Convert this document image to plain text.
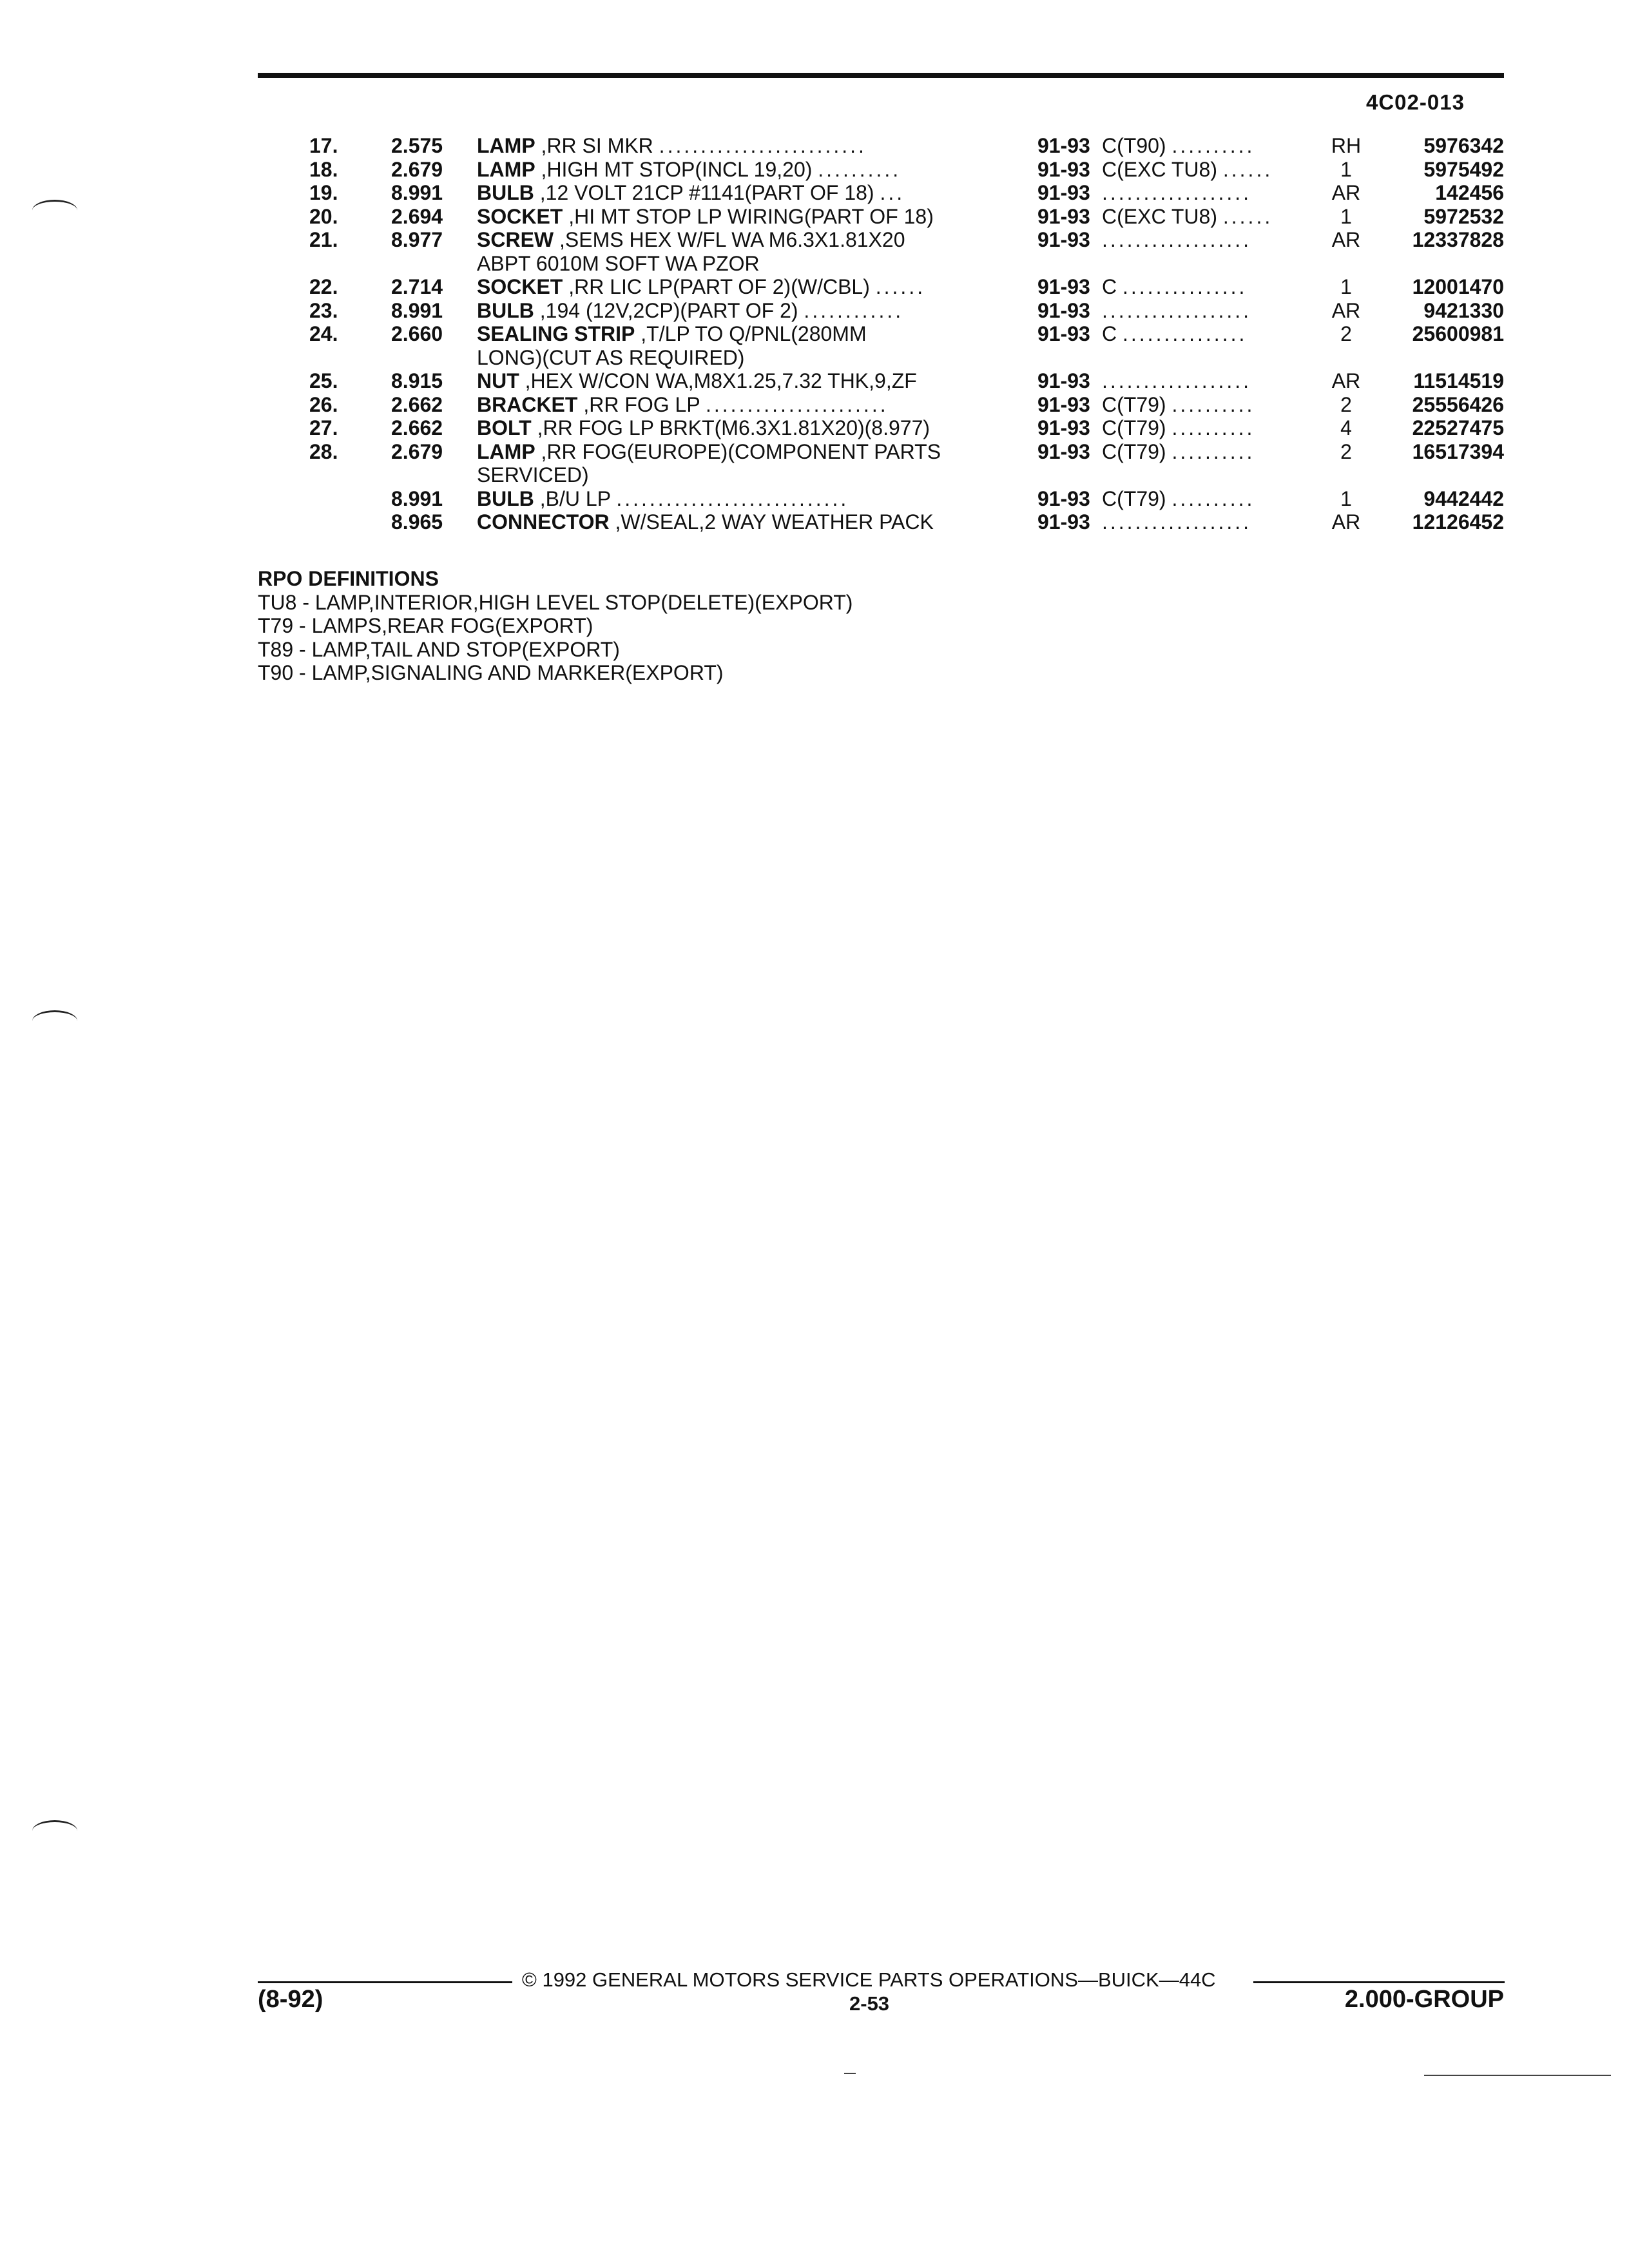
4C02-013
17.	2.575	LAMP ,RR SI MKR .........................	91-93 C(T90) ..........	RH	5976342
18.	2.679	LAMP ,HIGH MT STOP(INCL 19,20) ..........	91-93 C(EXC TU8) ......	1	5975492
19.	8.991	BULB ,12 VOLT 21CP #1141(PART OF 18) ...	91-93 ..................	AR	142456
20.	2.694	SOCKET ,HI MT STOP LP WIRING(PART OF 18)	91-93 C(EXC TU8) ......	1	5972532
21.	8.977	SCREW ,SEMS HEX W/FL WA M6.3X1.81X20	91-93 ..................	AR	12337828
ABPT 6010M SOFT WA PZOR
22.	2.714	SOCKET ,RR LIC LP(PART OF 2)(W/CBL) ......	91-93 C ...............	1	12001470
23.	8.991	BULB ,194 (12V,2CP)(PART OF 2) ............	91-93 ..................	AR	9421330
24.	2.660	SEALING STRIP ,T/LP TO Q/PNL(280MM	91-93 C ...............	2	25600981
LONG)(CUT AS REQUIRED)
25.	8.915	NUT ,HEX W/CON WA,M8X1.25,7.32 THK,9,ZF	91-93 ..................	AR	11514519
26.	2.662	BRACKET ,RR FOG LP ......................	91-93 C(T79) ..........	2	25556426
27.	2.662	BOLT ,RR FOG LP BRKT(M6.3X1.81X20)(8.977)	91-93 C(T79) ..........	4	22527475
28.	2.679	LAMP ,RR FOG(EUROPE)(COMPONENT PARTS	91-93 C(T79) ..........	2	16517394
SERVICED)
8.991	BULB ,B/U LP ............................	91-93 C(T79) ..........	1	9442442
8.965	CONNECTOR ,W/SEAL,2 WAY WEATHER PACK	91-93 ..................	AR	12126452
RPO DEFINITIONS
TU8 - LAMP,INTERIOR,HIGH LEVEL STOP(DELETE)(EXPORT)
T79 - LAMPS,REAR FOG(EXPORT)
T89 - LAMP,TAIL AND STOP(EXPORT)
T90 - LAMP,SIGNALING AND MARKER(EXPORT)
© 1992 GENERAL MOTORS SERVICE PARTS OPERATIONS—BUICK—44C
(8-92)	2-53	2.000-GROUP
